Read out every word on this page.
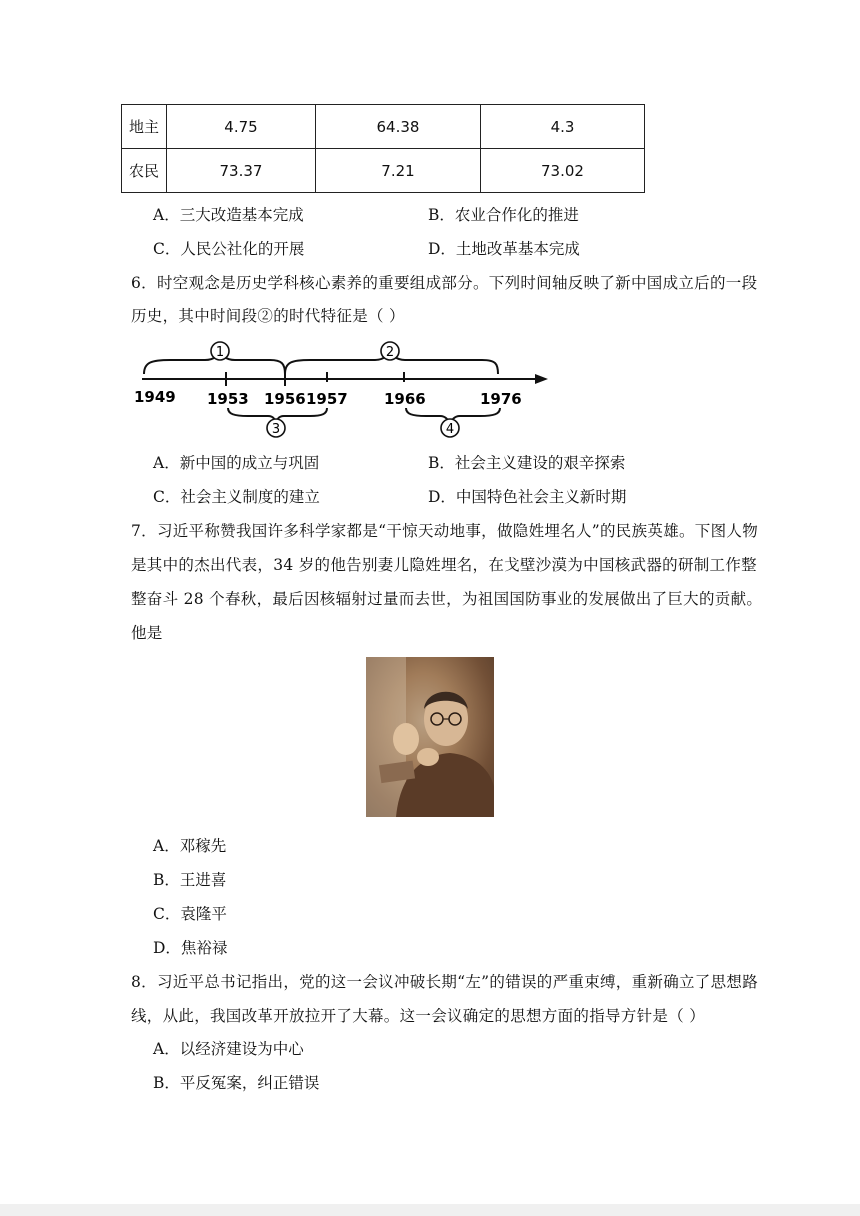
地主	4.75	64.38	4.3
农民	73.37	7.21	73.02
A．三大改造基本完成	B．农业合作化的推进
C．人民公社化的开展	D．土地改革基本完成
6．时空观念是历史学科核心素养的重要组成部分。下列时间轴反映了新中国成立后的一段
历史，其中时间段②的时代特征是（ ）
1	2
3	4
1949 1953 1956 1957 1966	1976
A．新中国的成立与巩固	B．社会主义建设的艰辛探索
C．社会主义制度的建立	D．中国特色社会主义新时期
7．习近平称赞我国许多科学家都是“干惊天动地事，做隐姓埋名人”的民族英雄。下图人物
是其中的杰出代表，34 岁的他告别妻儿隐姓埋名，在戈壁沙漠为中国核武器的研制工作整
整奋斗 28 个春秋，最后因核辐射过量而去世，为祖国国防事业的发展做出了巨大的贡献。
他是
A．邓稼先
B．王进喜
C．袁隆平
D．焦裕禄
8．习近平总书记指出，党的这一会议冲破长期“左”的错误的严重束缚，重新确立了思想路
线，从此，我国改革开放拉开了大幕。这一会议确定的思想方面的指导方针是（ ）
A．以经济建设为中心
B．平反冤案，纠正错误
